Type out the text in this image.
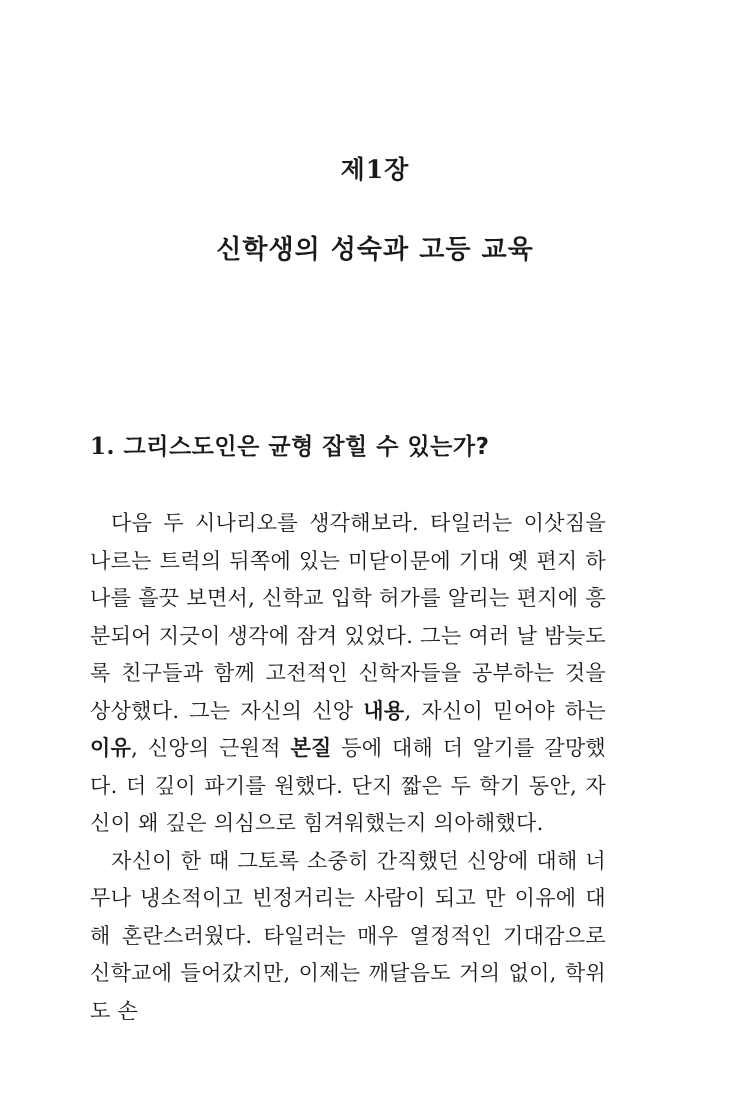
제1장
신학생의 성숙과 고등 교육
1. 그리스도인은 균형 잡힐 수 있는가?

다음 두 시나리오를 생각해보라. 타일러는 이삿짐을 나르는 트럭의 뒤쪽에 있는 미닫이문에 기대 옛 편지 하나를 흘끗 보면서, 신학교 입학 허가를 알리는 편지에 흥분되어 지긋이 생각에 잠겨 있었다. 그는 여러 날 밤늦도록 친구들과 함께 고전적인 신학자들을 공부하는 것을 상상했다. 그는 자신의 신앙 내용, 자신이 믿어야 하는 이유, 신앙의 근원적 본질 등에 대해 더 알기를 갈망했다. 더 깊이 파기를 원했다. 단지 짧은 두 학기 동안, 자신이 왜 깊은 의심으로 힘겨워했는지 의아해했다.

자신이 한 때 그토록 소중히 간직했던 신앙에 대해 너무나 냉소적이고 빈정거리는 사람이 되고 만 이유에 대해 혼란스러웠다. 타일러는 매우 열정적인 기대감으로 신학교에 들어갔지만, 이제는 깨달음도 거의 없이, 학위도 손
